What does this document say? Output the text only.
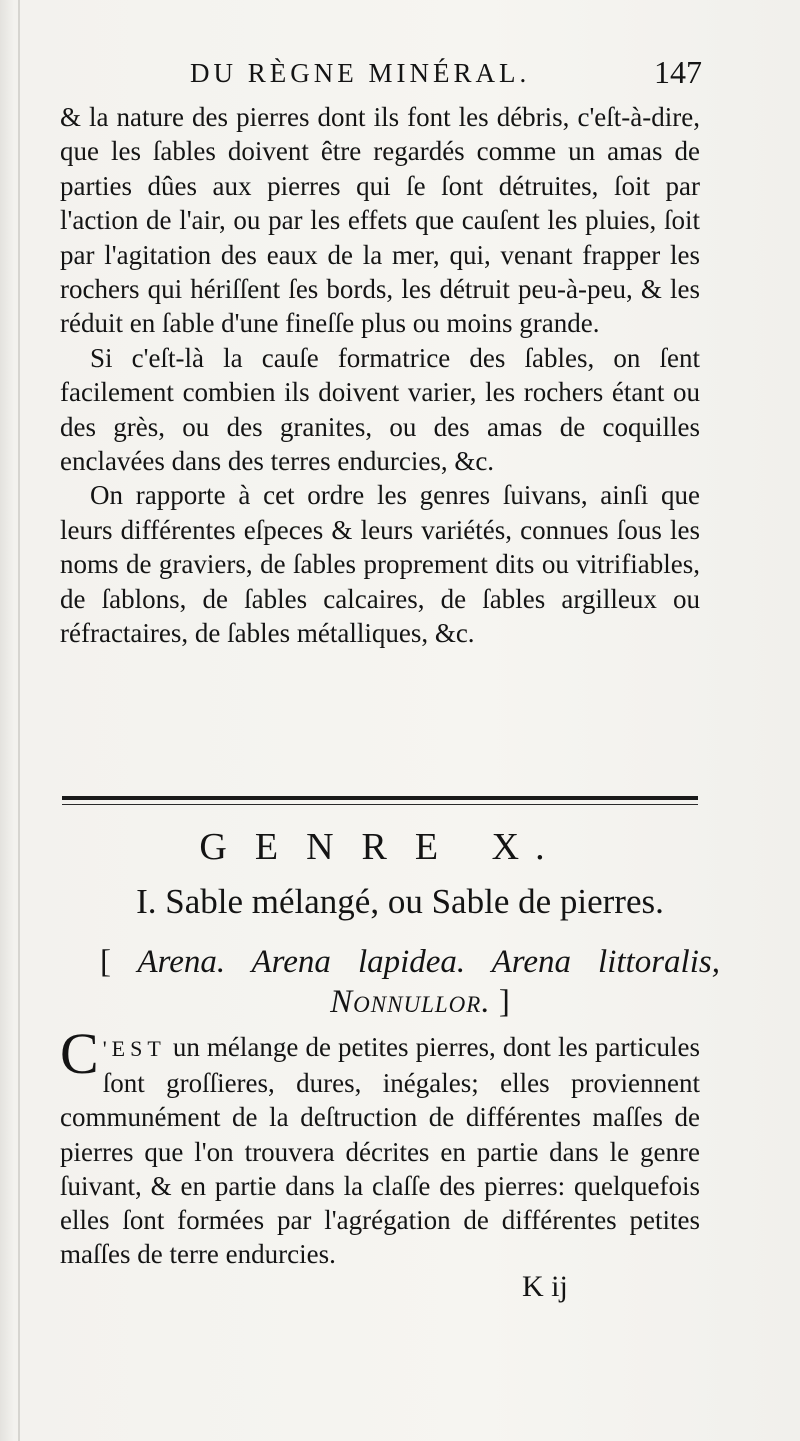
DU RÈGNE MINÉRAL.	147

& la nature des pierres dont ils font les débris, c'eſt-à-dire, que les ſables doivent être regardés comme un amas de parties dûes aux pierres qui ſe ſont détruites, ſoit par l'action de l'air, ou par les effets que cauſent les pluies, ſoit par l'agitation des eaux de la mer, qui, venant frapper les rochers qui hériſſent ſes bords, les détruit peu-à-peu, & les réduit en ſable d'une fineſſe plus ou moins grande.

Si c'eſt-là la cauſe formatrice des ſables, on ſent facilement combien ils doivent varier, les rochers étant ou des grès, ou des granites, ou des amas de coquilles enclavées dans des terres endurcies, &c.

On rapporte à cet ordre les genres ſuivans, ainſi que leurs différentes eſpeces & leurs variétés, connues ſous les noms de graviers, de ſables proprement dits ou vitrifiables, de ſablons, de ſables calcaires, de ſables argilleux ou réfractaires, de ſables métalliques, &c.

G E N R E X.
I. Sable mélangé, ou Sable de pierres.
[ Arena. Arena lapidea. Arena littoralis,
Nonnullor. ]

C 'EST un mélange de petites pierres, dont les particules ſont groſſieres, dures, inégales; elles proviennent communément de la deſtruction de différentes maſſes de pierres que l'on trouvera décrites en partie dans le genre ſuivant, & en partie dans la claſſe des pierres: quelquefois elles ſont formées par l'agrégation de différentes petites maſſes de terre endurcies.

K ij
